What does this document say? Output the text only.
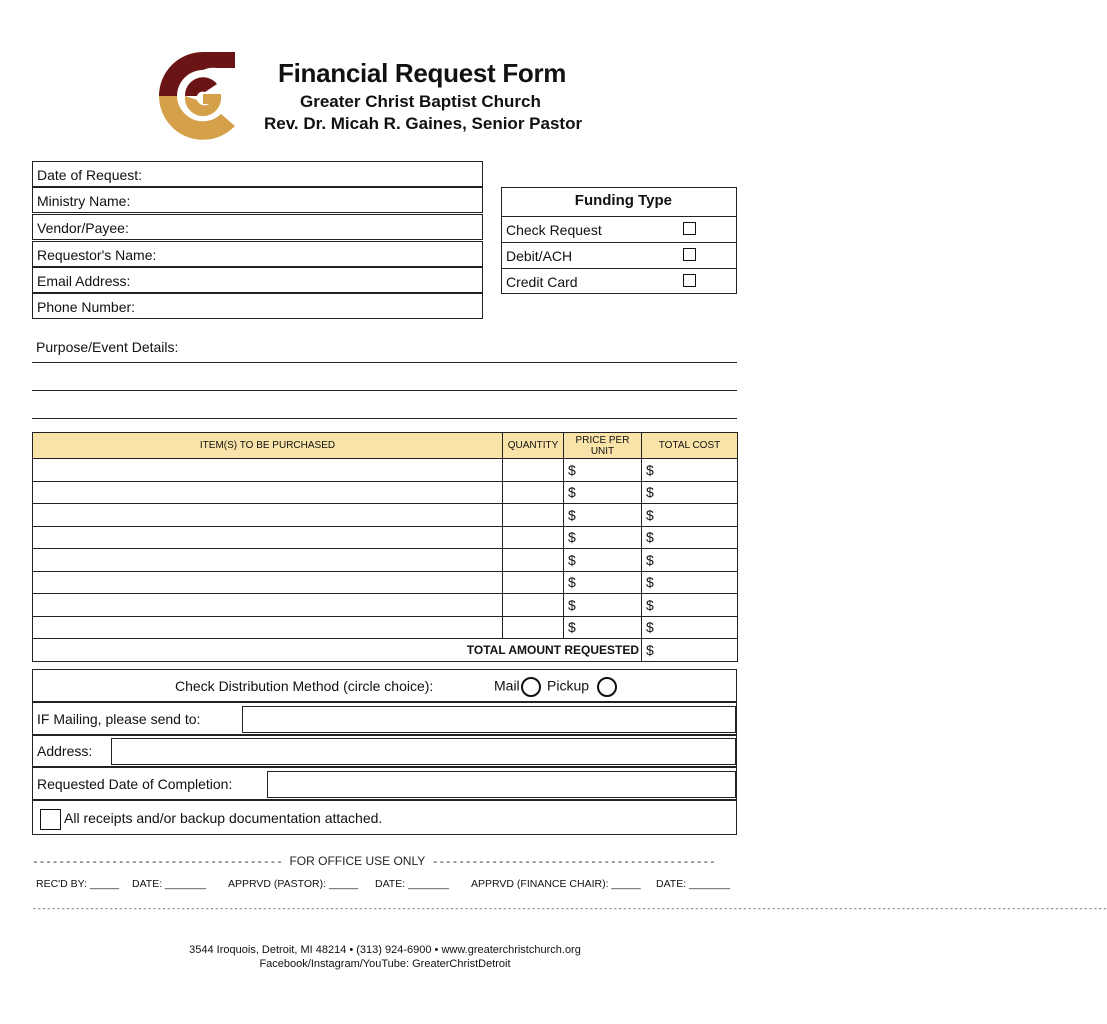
Financial Request Form
Greater Christ Baptist Church
Rev. Dr. Micah R. Gaines, Senior Pastor
Date of Request:
Ministry Name:
Vendor/Payee:
Requestor's Name:
Email Address:
Phone Number:
Funding Type
Check Request
Debit/ACH
Credit Card
Purpose/Event Details:
ITEM(S) TO BE PURCHASED	QUANTITY	PRICE PER UNIT	TOTAL COST
		$	$
		$	$
		$	$
		$	$
		$	$
		$	$
		$	$
		$	$
TOTAL AMOUNT REQUESTED			$
Check Distribution Method (circle choice):	Mail	Pickup
IF Mailing, please send to:
Address:
Requested Date of Completion:
All receipts and/or backup documentation attached.
-------------------------------------- FOR OFFICE USE ONLY -------------------------------------------
REC'D BY: _____ DATE: _______ APPRVD (PASTOR): _____ DATE: _______ APPRVD (FINANCE CHAIR): _____ DATE: _______
--------------------------------------------------------------------------------------------------------------------------------------------------------------------------------------------------------------------------------
3544 Iroquois, Detroit, MI 48214 • (313) 924-6900 • www.greaterchristchurch.org
Facebook/Instagram/YouTube: GreaterChristDetroit
